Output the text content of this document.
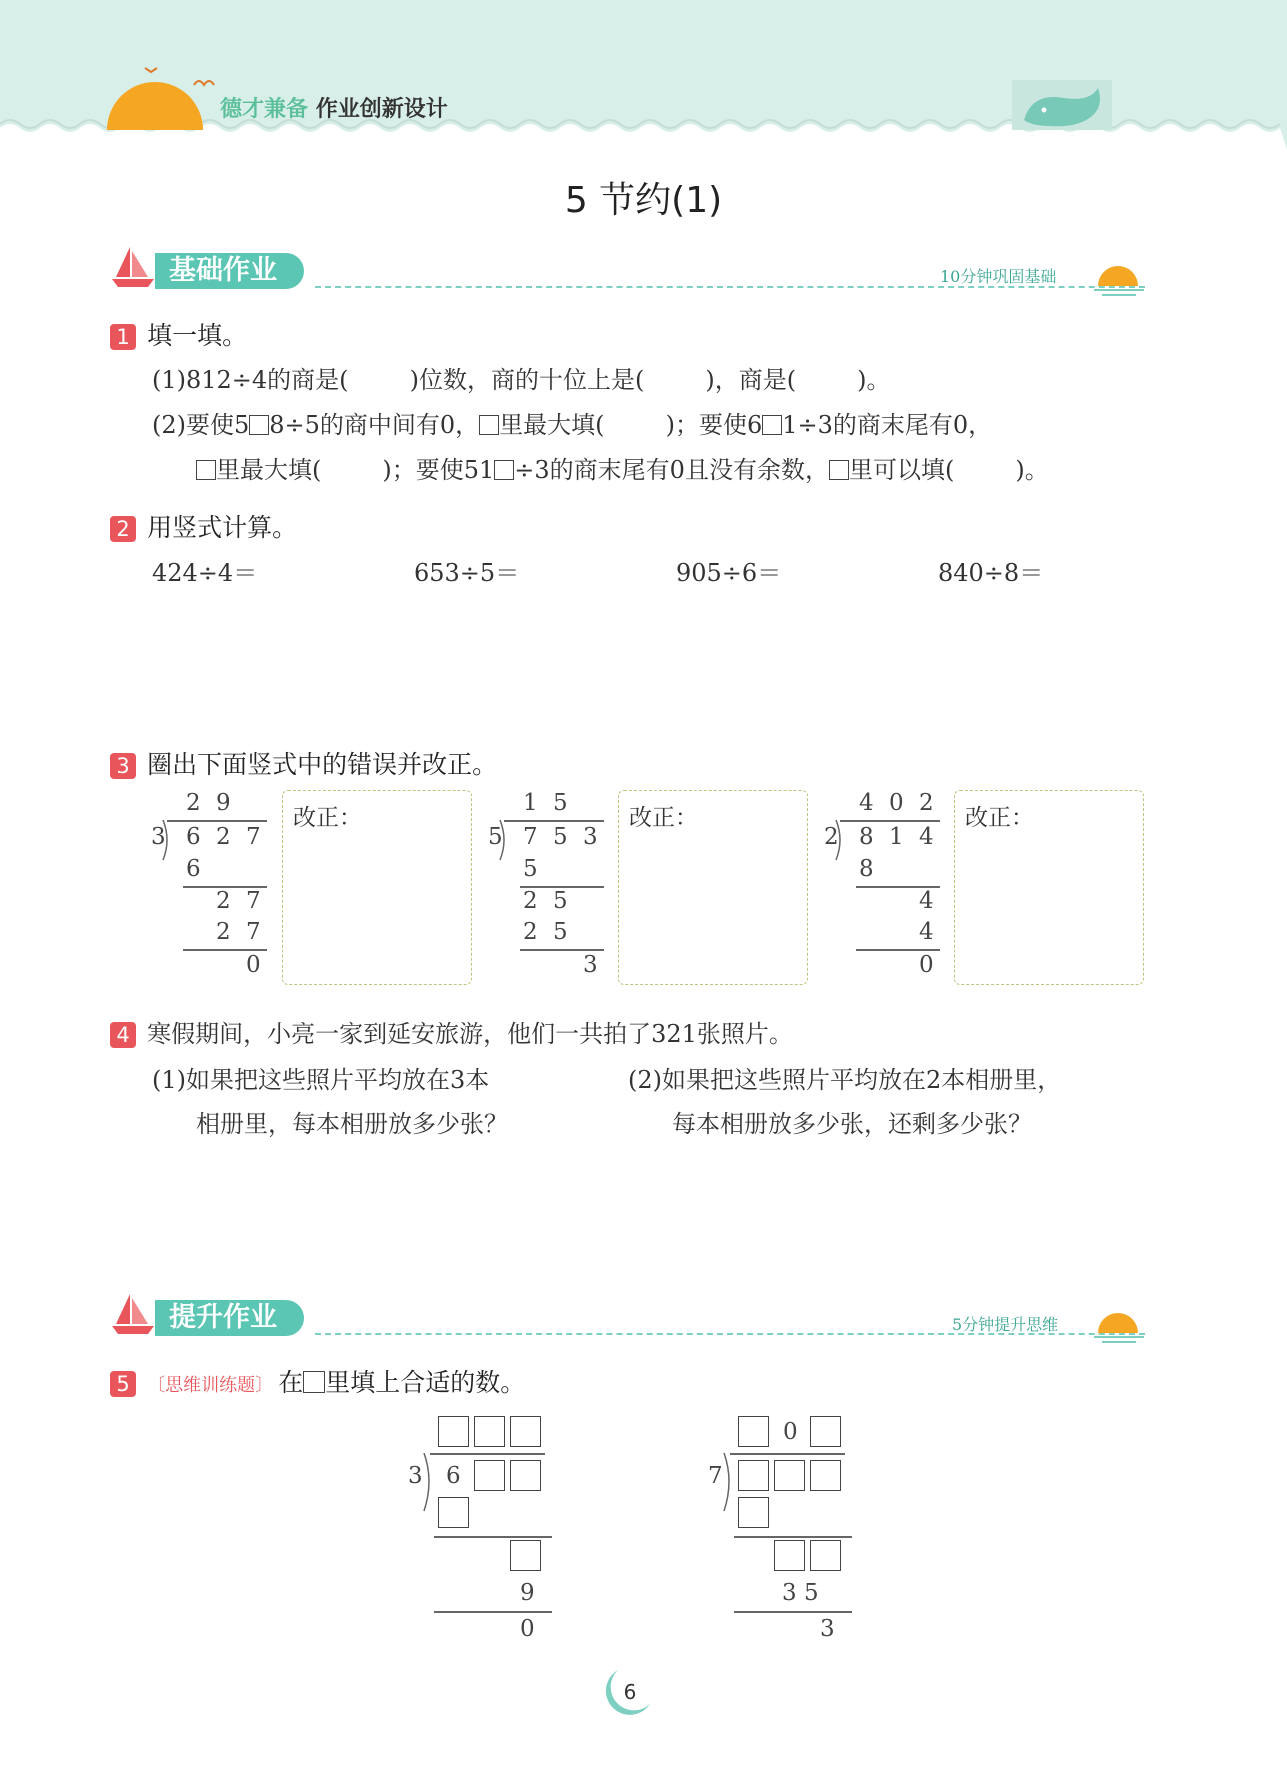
德才兼备 作业创新设计
5 节约(1)
基础作业	10分钟巩固基础
1 填一填。
(1)812÷4的商是(        )位数，商的十位上是(        )，商是(        )。
(2)要使5 8÷5的商中间有0， 里最大填(        )；要使6 1÷3的商末尾有0，
里最大填(        )；要使51 ÷3的商末尾有0且没有余数， 里可以填(        )。
2 用竖式计算。
424÷4＝	653÷5＝	905÷6＝	840÷8＝
3 圈出下面竖式中的错误并改正。
2 9
3 6 2 7
6
2 7
2 7
0
改正：
1 5
5 7 5 3
5
2 5
2 5
3
改正：
4 0 2
2 8 1 4
8
4
4
0
改正：
4 寒假期间，小亮一家到延安旅游，他们一共拍了321张照片。
(1)如果把这些照片平均放在3本
相册里，每本相册放多少张？
(2)如果把这些照片平均放在2本相册里，
每本相册放多少张，还剩多少张？
提升作业	5分钟提升思维
5 〔思维训练题〕 在 里填上合适的数。
3 6
9
0
0
7
3 5
3
6
